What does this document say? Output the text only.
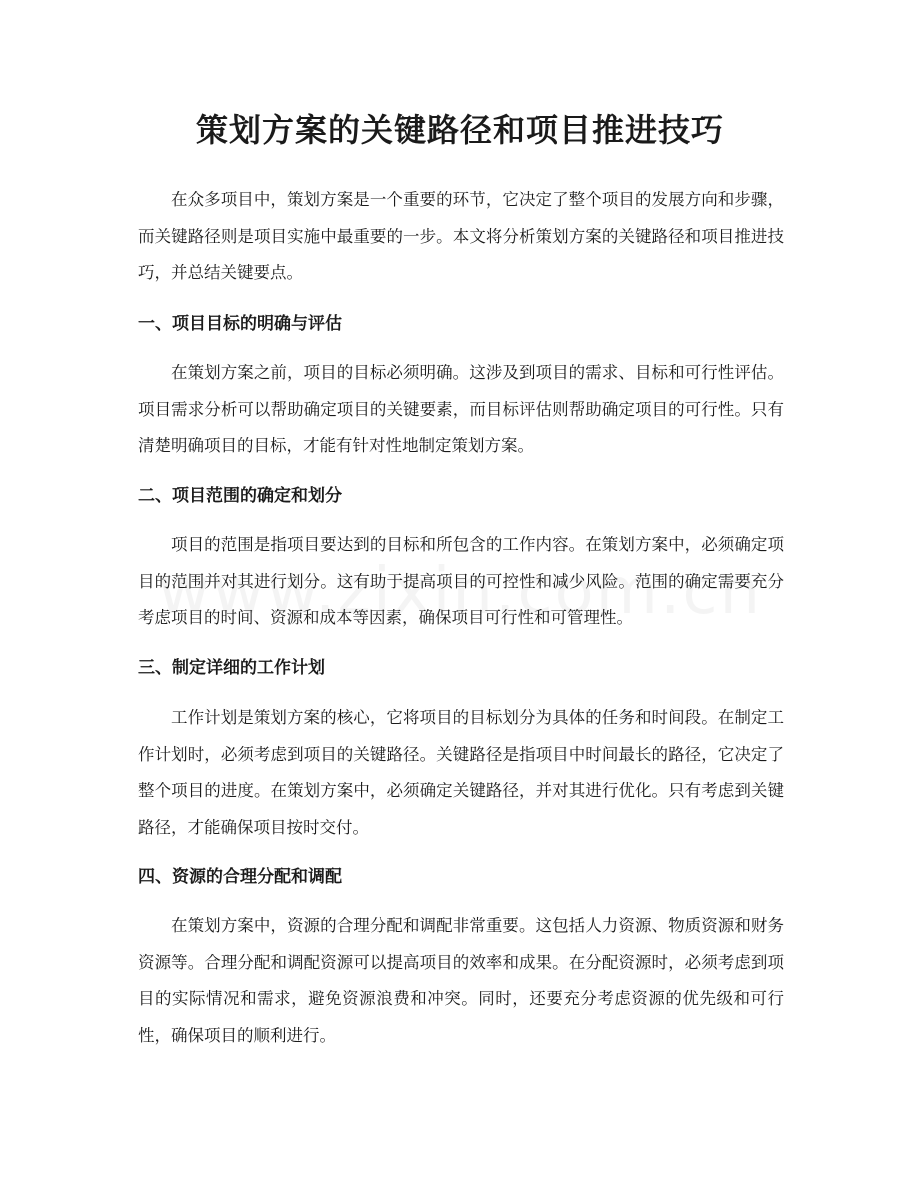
策划方案的关键路径和项目推进技巧

在众多项目中，策划方案是一个重要的环节，它决定了整个项目的发展方向和步骤，而关键路径则是项目实施中最重要的一步。本文将分析策划方案的关键路径和项目推进技巧，并总结关键要点。

一、项目目标的明确与评估

在策划方案之前，项目的目标必须明确。这涉及到项目的需求、目标和可行性评估。项目需求分析可以帮助确定项目的关键要素，而目标评估则帮助确定项目的可行性。只有清楚明确项目的目标，才能有针对性地制定策划方案。

二、项目范围的确定和划分

项目的范围是指项目要达到的目标和所包含的工作内容。在策划方案中，必须确定项目的范围并对其进行划分。这有助于提高项目的可控性和减少风险。范围的确定需要充分考虑项目的时间、资源和成本等因素，确保项目可行性和可管理性。

三、制定详细的工作计划

工作计划是策划方案的核心，它将项目的目标划分为具体的任务和时间段。在制定工作计划时，必须考虑到项目的关键路径。关键路径是指项目中时间最长的路径，它决定了整个项目的进度。在策划方案中，必须确定关键路径，并对其进行优化。只有考虑到关键路径，才能确保项目按时交付。

四、资源的合理分配和调配

在策划方案中，资源的合理分配和调配非常重要。这包括人力资源、物质资源和财务资源等。合理分配和调配资源可以提高项目的效率和成果。在分配资源时，必须考虑到项目的实际情况和需求，避免资源浪费和冲突。同时，还要充分考虑资源的优先级和可行性，确保项目的顺利进行。
